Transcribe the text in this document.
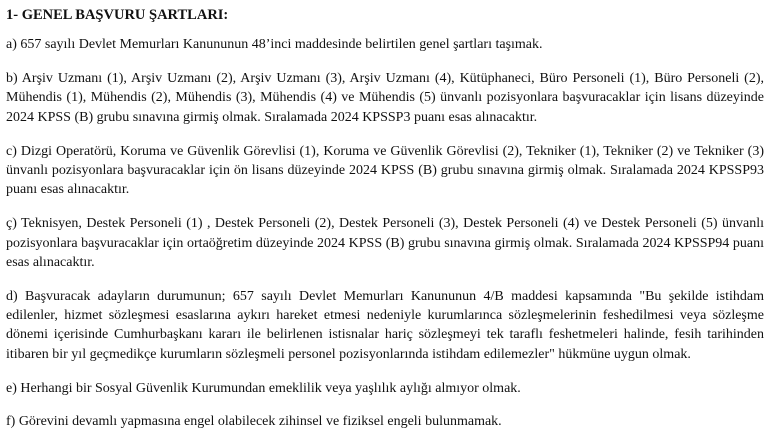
1- GENEL BAŞVURU ŞARTLARI:

a) 657 sayılı Devlet Memurları Kanununun 48’inci maddesinde belirtilen genel şartları taşımak.

b) Arşiv Uzmanı (1), Arşiv Uzmanı (2), Arşiv Uzmanı (3), Arşiv Uzmanı (4), Kütüphaneci, Büro Personeli (1), Büro Personeli (2), Mühendis (1), Mühendis (2), Mühendis (3), Mühendis (4) ve Mühendis (5) ünvanlı pozisyonlara başvuracaklar için lisans düzeyinde 2024 KPSS (B) grubu sınavına girmiş olmak. Sıralamada 2024 KPSSP3 puanı esas alınacaktır.

c) Dizgi Operatörü, Koruma ve Güvenlik Görevlisi (1), Koruma ve Güvenlik Görevlisi (2), Tekniker (1), Tekniker (2) ve Tekniker (3) ünvanlı pozisyonlara başvuracaklar için ön lisans düzeyinde 2024 KPSS (B) grubu sınavına girmiş olmak. Sıralamada 2024 KPSSP93 puanı esas alınacaktır.

ç) Teknisyen, Destek Personeli (1) , Destek Personeli (2), Destek Personeli (3), Destek Personeli (4) ve Destek Personeli (5) ünvanlı pozisyonlara başvuracaklar için ortaöğretim düzeyinde 2024 KPSS (B) grubu sınavına girmiş olmak. Sıralamada 2024 KPSSP94 puanı esas alınacaktır.

d) Başvuracak adayların durumunun; 657 sayılı Devlet Memurları Kanununun 4/B maddesi kapsamında "Bu şekilde istihdam edilenler, hizmet sözleşmesi esaslarına aykırı hareket etmesi nedeniyle kurumlarınca sözleşmelerinin feshedilmesi veya sözleşme dönemi içerisinde Cumhurbaşkanı kararı ile belirlenen istisnalar hariç sözleşmeyi tek taraflı feshetmeleri halinde, fesih tarihinden itibaren bir yıl geçmedikçe kurumların sözleşmeli personel pozisyonlarında istihdam edilemezler" hükmüne uygun olmak.

e) Herhangi bir Sosyal Güvenlik Kurumundan emeklilik veya yaşlılık aylığı almıyor olmak.

f) Görevini devamlı yapmasına engel olabilecek zihinsel ve fiziksel engeli bulunmamak.
